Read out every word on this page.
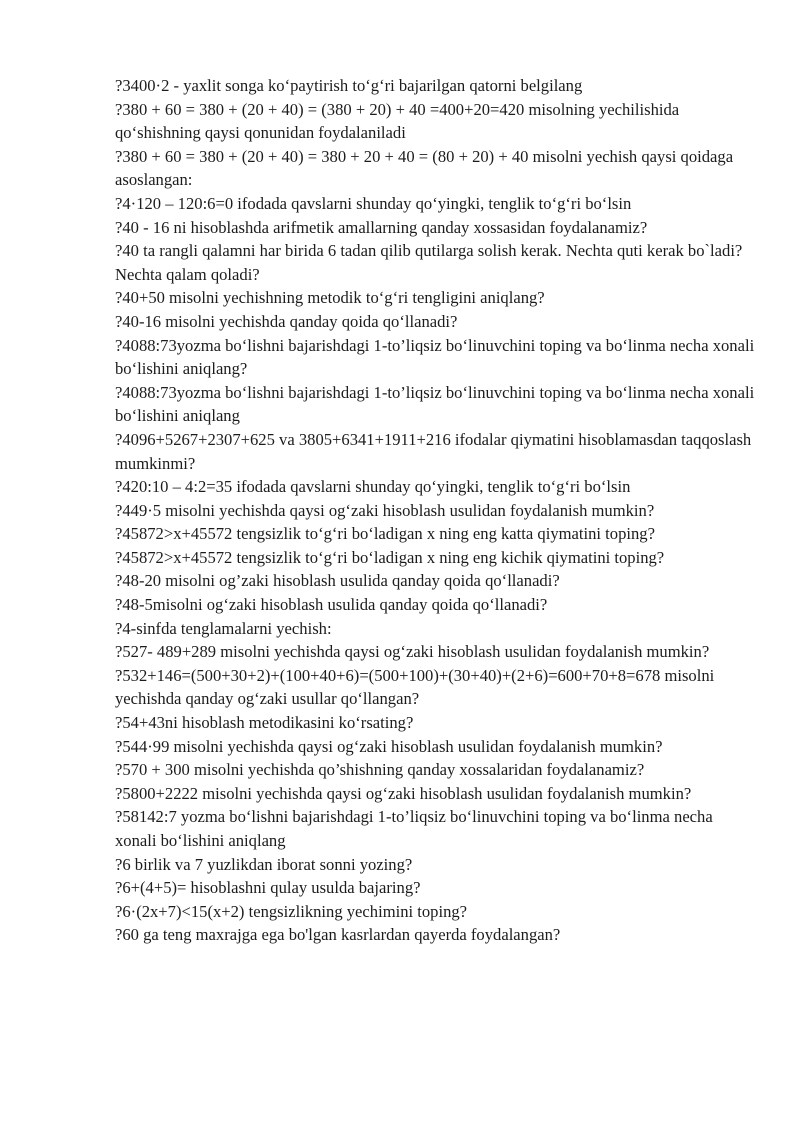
?3400·2 - yaxlit songa ko‘paytirish to‘g‘ri bajarilgan qatorni belgilang

?380 + 60 = 380 + (20 + 40) = (380 + 20) + 40 =400+20=420 misolning yechilishida qo‘shishning qaysi qonunidan foydalaniladi

?380 + 60 = 380 + (20 + 40) = 380 + 20 + 40 = (80 + 20) + 40 misolni yechish qaysi qoidaga asoslangan:

?4·120 – 120:6=0 ifodada qavslarni shunday qo‘yingki, tenglik to‘g‘ri bo‘lsin

?40 - 16 ni hisoblashda arifmetik amallarning qanday xossasidan foydalanamiz?

?40 ta rangli qalamni har birida 6 tadan qilib qutilarga solish kerak. Nechta quti kerak bo`ladi? Nechta qalam qoladi?

?40+50 misolni yechishning metodik to‘g‘ri tengligini aniqlang?

?40-16 misolni yechishda qanday qoida qo‘llanadi?

?4088:73yozma bo‘lishni bajarishdagi 1-to’liqsiz bo‘linuvchini toping va bo‘linma necha xonali bo‘lishini aniqlang?

?4088:73yozma bo‘lishni bajarishdagi 1-to’liqsiz bo‘linuvchini toping va bo‘linma necha xonali bo‘lishini aniqlang

?4096+5267+2307+625 va 3805+6341+1911+216 ifodalar qiymatini hisoblamasdan taqqoslash mumkinmi?

?420:10 – 4:2=35 ifodada qavslarni shunday qo‘yingki, tenglik to‘g‘ri bo‘lsin

?449·5 misolni yechishda qaysi og‘zaki hisoblash usulidan foydalanish mumkin?

?45872>x+45572 tengsizlik to‘g‘ri bo‘ladigan x ning eng katta qiymatini toping?

?45872>x+45572 tengsizlik to‘g‘ri bo‘ladigan x ning eng kichik qiymatini toping?

?48-20 misolni og’zaki hisoblash usulida qanday qoida qo‘llanadi?

?48-5misolni og‘zaki hisoblash usulida qanday qoida qo‘llanadi?

?4-sinfda tenglamalarni yechish:

?527- 489+289 misolni yechishda qaysi og‘zaki hisoblash usulidan foydalanish mumkin?

?532+146=(500+30+2)+(100+40+6)=(500+100)+(30+40)+(2+6)=600+70+8=678 misolni yechishda qanday og‘zaki usullar qo‘llangan?

?54+43ni hisoblash metodikasini ko‘rsating?

?544·99 misolni yechishda qaysi og‘zaki hisoblash usulidan foydalanish mumkin?

?570 + 300 misolni yechishda qo’shishning qanday xossalaridan foydalanamiz?

?5800+2222 misolni yechishda qaysi og‘zaki hisoblash usulidan foydalanish mumkin?

?58142:7 yozma bo‘lishni bajarishdagi 1-to’liqsiz bo‘linuvchini toping va bo‘linma necha xonali bo‘lishini aniqlang

?6 birlik va 7 yuzlikdan iborat sonni yozing?

?6+(4+5)= hisoblashni qulay usulda bajaring?

?6·(2x+7)<15(x+2) tengsizlikning yechimini toping?

?60 ga teng maxrajga ega bo'lgan kasrlardan qayerda foydalangan?
